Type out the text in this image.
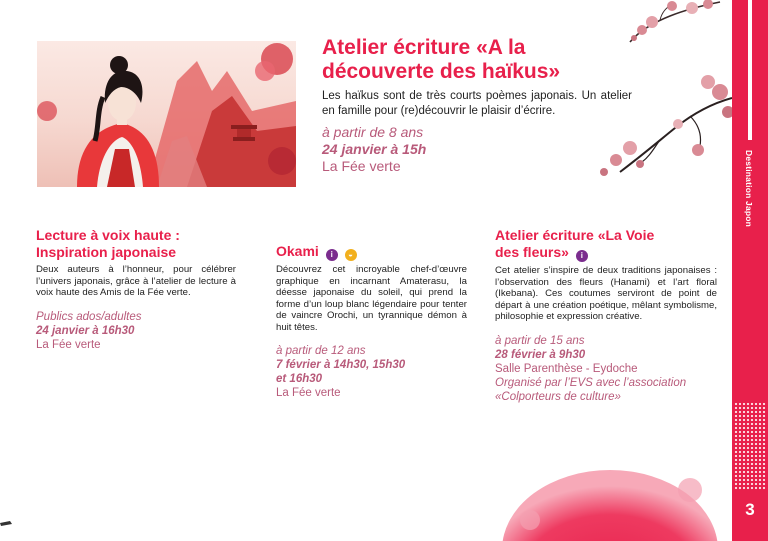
Destination Japon
3
Atelier écriture «A la
découverte des haïkus»

Les haïkus sont de très courts poèmes japonais. Un atelier en famille pour (re)découvrir le plaisir d’écrire.

à partir de 8 ans

24 janvier à 15h

La Fée verte

Lecture à voix haute :
Inspiration japonaise

Deux auteurs à l’honneur, pour célébrer l’univers japonais, grâce à l’atelier de lecture à voix haute des Amis de la Fée verte.

Publics ados/adultes

24 janvier à 16h30

La Fée verte

Okami i ◒

Découvrez cet incroyable chef-d’œuvre graphique en incarnant Amaterasu, la déesse japonaise du soleil, qui prend la forme d’un loup blanc légendaire pour tenter de vaincre Orochi, un tyrannique démon à huit têtes.

à partir de 12 ans

7 février à 14h30, 15h30
et 16h30

La Fée verte

Atelier écriture «La Voie
des fleurs» i

Cet atelier s’inspire de deux traditions japonaises : l’observation des fleurs (Hanami) et l’art floral (Ikebana). Ces coutumes serviront de point de départ à une création poétique, mêlant symbolisme, philosophie et expression créative.

à partir de 15 ans

28 février à 9h30

Salle Parenthèse - Eydoche

Organisé par l’EVS avec l’association
«Colporteurs de culture»
